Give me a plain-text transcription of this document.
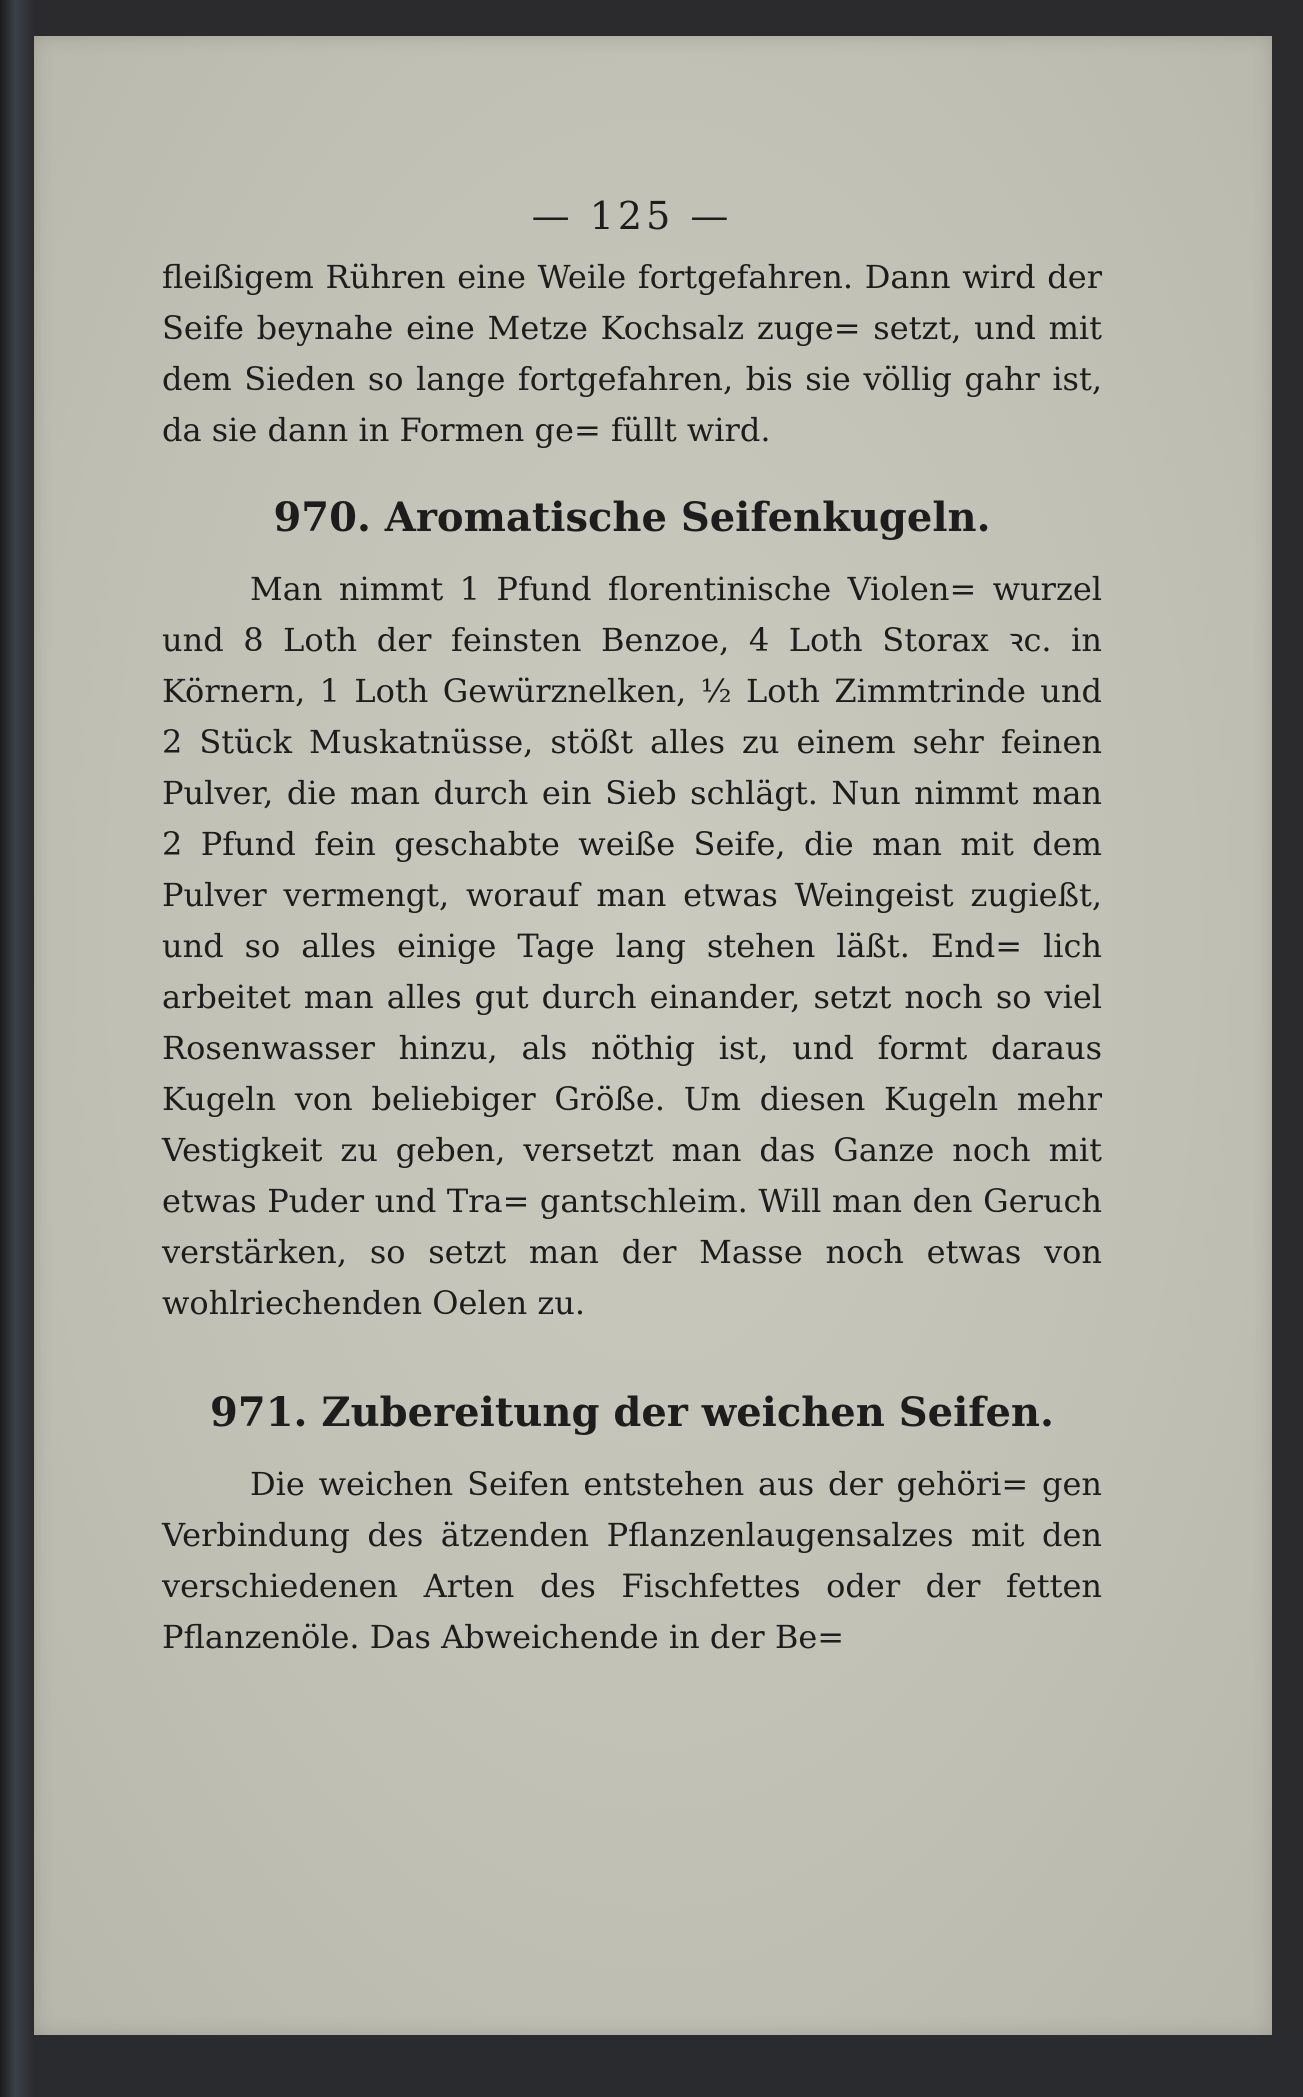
— 125 —

fleißigem Rühren eine Weile fortgefahren. Dann wird der Seife beynahe eine Metze Kochsalz zuge= setzt, und mit dem Sieden so lange fortgefahren, bis sie völlig gahr ist, da sie dann in Formen ge= füllt wird.

970. Aromatische Seifenkugeln.

Man nimmt 1 Pfund florentinische Violen= wurzel und 8 Loth der feinsten Benzoe, 4 Loth Storax ꝛc. in Körnern, 1 Loth Gewürznelken, ½ Loth Zimmtrinde und 2 Stück Muskatnüsse, stößt alles zu einem sehr feinen Pulver, die man durch ein Sieb schlägt. Nun nimmt man 2 Pfund fein geschabte weiße Seife, die man mit dem Pulver vermengt, worauf man etwas Weingeist zugießt, und so alles einige Tage lang stehen läßt. End= lich arbeitet man alles gut durch einander, setzt noch so viel Rosenwasser hinzu, als nöthig ist, und formt daraus Kugeln von beliebiger Größe. Um diesen Kugeln mehr Vestigkeit zu geben, versetzt man das Ganze noch mit etwas Puder und Tra= gantschleim. Will man den Geruch verstärken, so setzt man der Masse noch etwas von wohlriechenden Oelen zu.

971. Zubereitung der weichen Seifen.

Die weichen Seifen entstehen aus der gehöri= gen Verbindung des ätzenden Pflanzenlaugensalzes mit den verschiedenen Arten des Fischfettes oder der fetten Pflanzenöle. Das Abweichende in der Be=
